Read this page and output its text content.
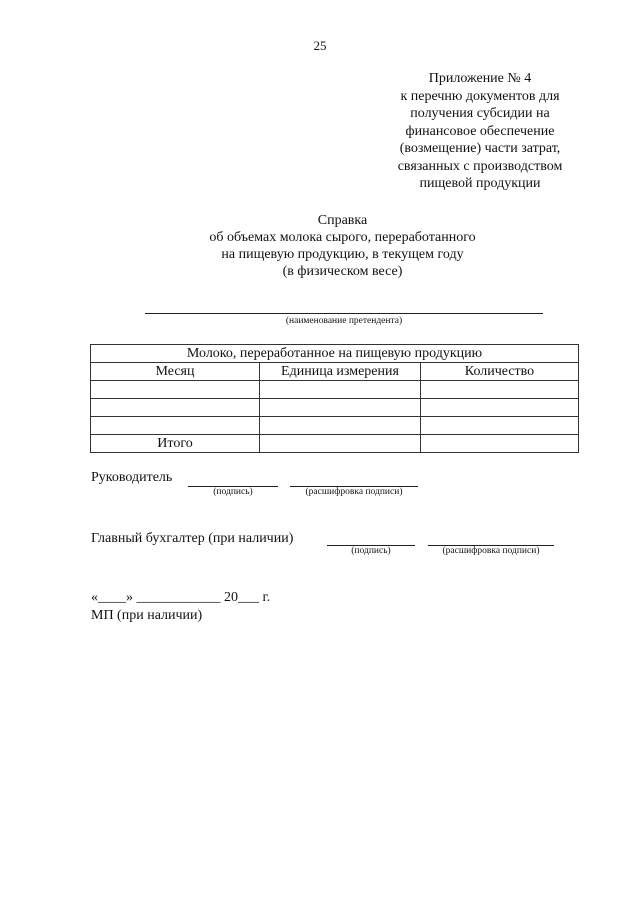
25
Приложение № 4
к перечню документов для
получения субсидии на
финансовое обеспечение
(возмещение) части затрат,
связанных с производством
пищевой продукции
Справка
об объемах молока сырого, переработанного
на пищевую продукцию, в текущем году
(в физическом весе)
(наименование претендента)
Молоко, переработанное на пищевую продукцию		
Месяц	Единица измерения	Количество

Итого		
Руководитель
(подпись)	(расшифровка подписи)
Главный бухгалтер (при наличии)
(подпись)	(расшифровка подписи)
«____» ____________ 20___ г.
МП (при наличии)
